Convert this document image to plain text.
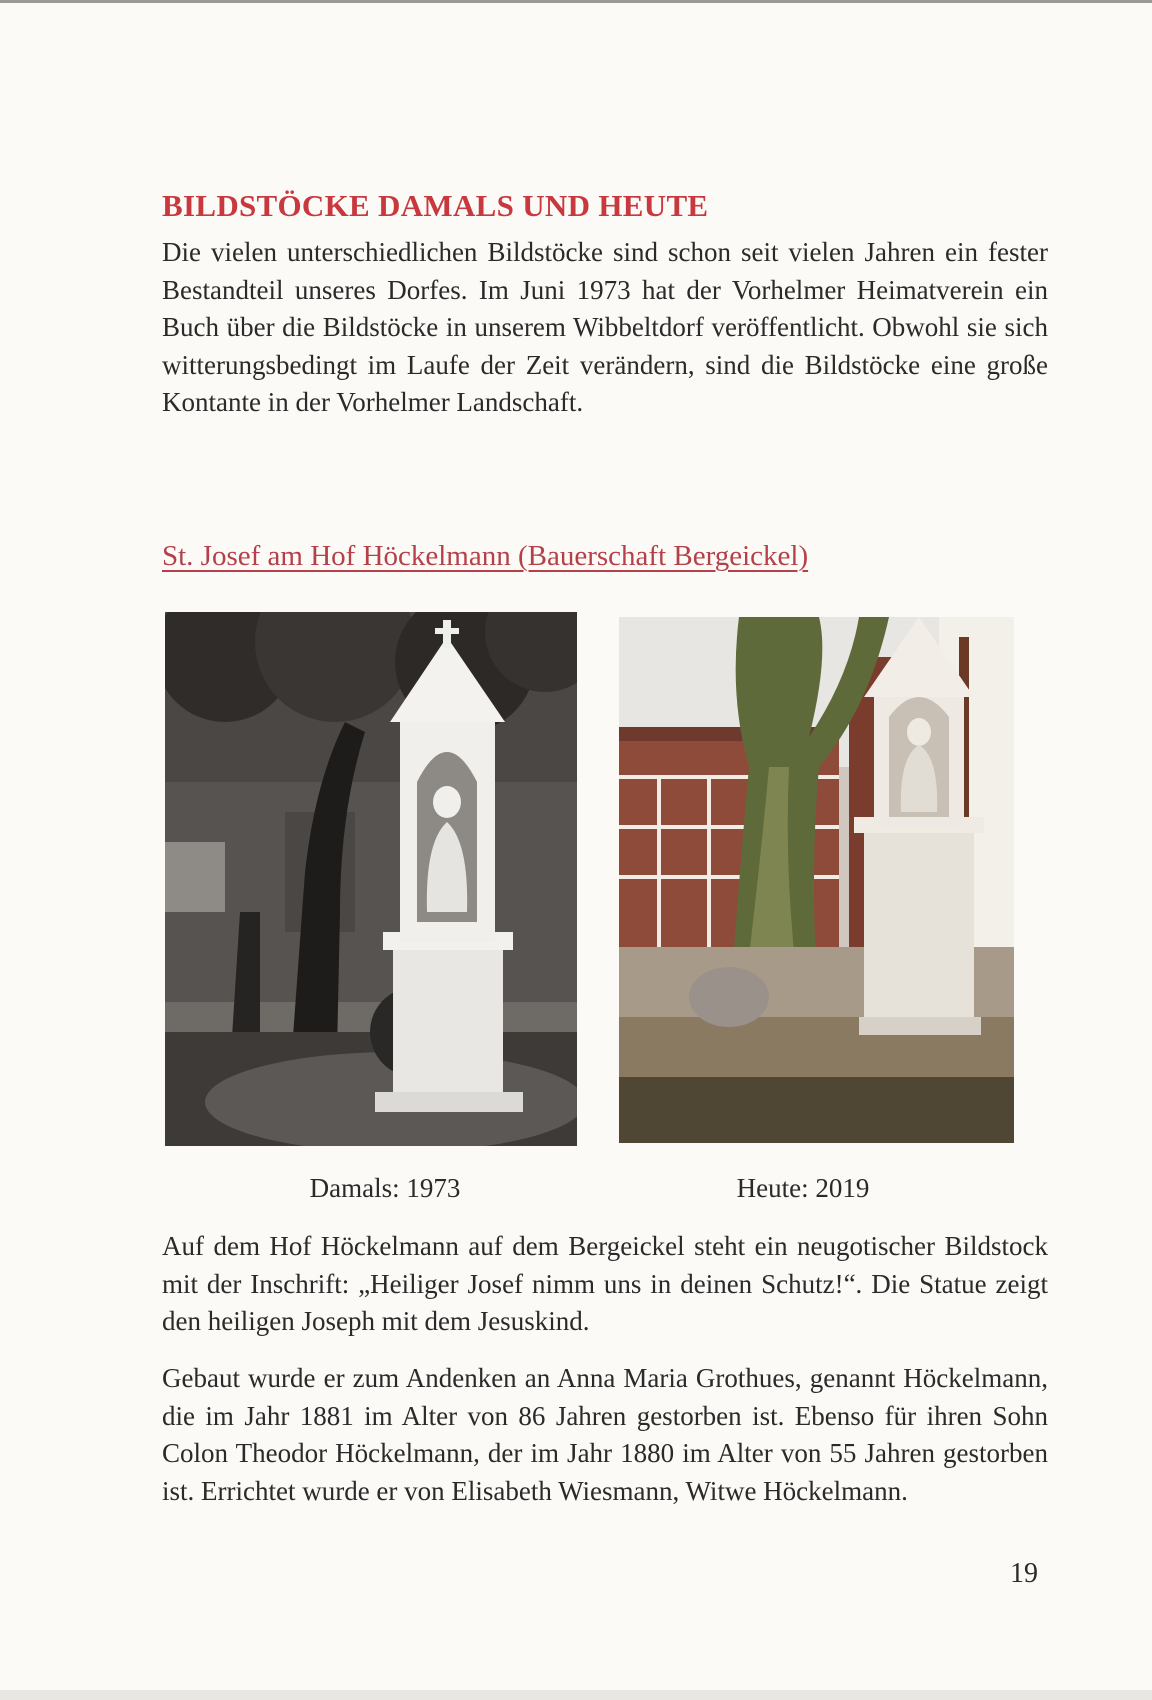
BILDSTÖCKE DAMALS UND HEUTE

Die vielen unterschiedlichen Bildstöcke sind schon seit vielen Jahren ein fester Bestandteil unseres Dorfes. Im Juni 1973 hat der Vorhelmer Heimatverein ein Buch über die Bildstöcke in unserem Wibbeltdorf veröffentlicht. Obwohl sie sich witterungsbedingt im Laufe der Zeit verändern, sind die Bildstöcke eine große Kontante in der Vorhelmer Landschaft.

St. Josef am Hof Höckelmann (Bauerschaft Bergeickel)
Damals: 1973	Heute: 2019

Auf dem Hof Höckelmann auf dem Bergeickel steht ein neugotischer Bildstock mit der Inschrift: „Heiliger Josef nimm uns in deinen Schutz!“. Die Statue zeigt den heiligen Joseph mit dem Jesuskind.

Gebaut wurde er zum Andenken an Anna Maria Grothues, genannt Höckelmann, die im Jahr 1881 im Alter von 86 Jahren gestorben ist. Ebenso für ihren Sohn Colon Theodor Höckelmann, der im Jahr 1880 im Alter von 55 Jahren gestorben ist. Errichtet wurde er von Elisabeth Wiesmann, Witwe Höckelmann.

19
